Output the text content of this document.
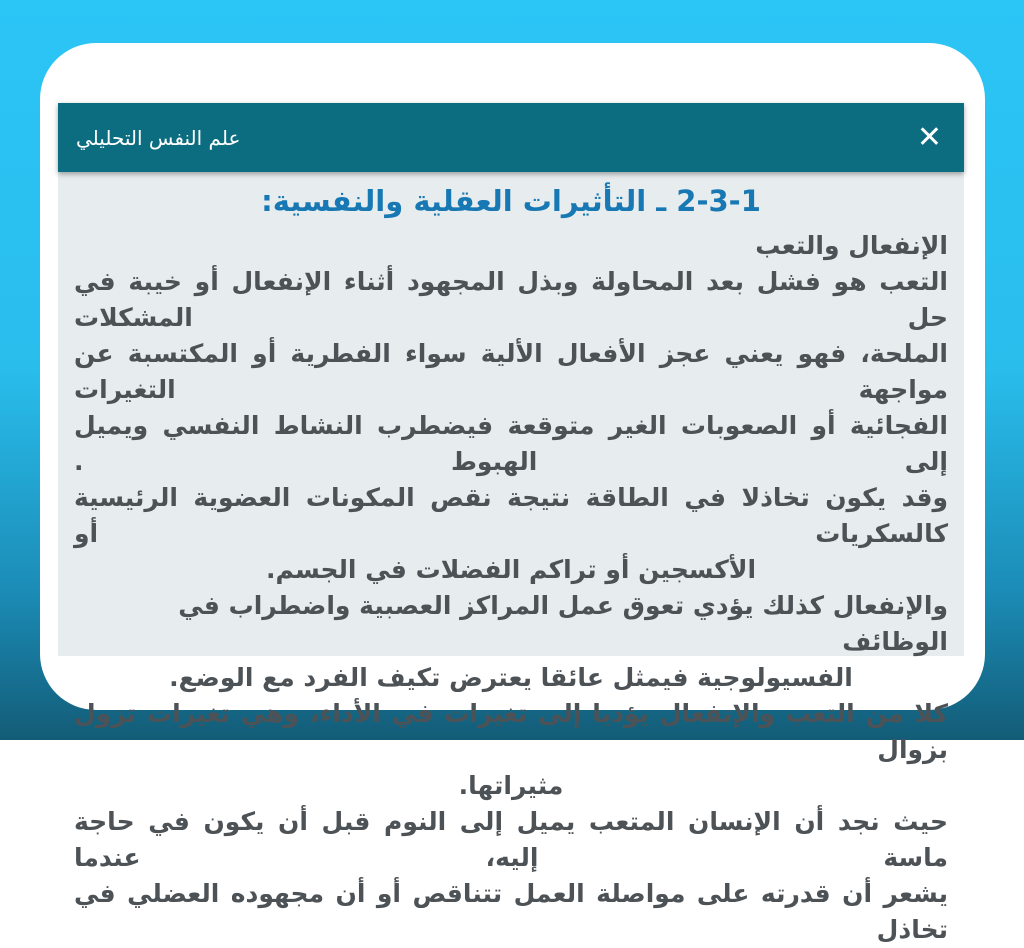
علم النفس التحليلي	✕
2-3-1 ـ التأثيرات العقلية والنفسية:
الإنفعال والتعب
التعب هو فشل بعد المحاولة وبذل المجهود أثناء الإنفعال أو خيبة في حل المشكلات
الملحة، فهو يعني عجز الأفعال الألية سواء الفطرية أو المكتسبة عن مواجهة التغيرات
الفجائية أو الصعوبات الغير متوقعة فيضطرب النشاط النفسي ويميل إلى الهبوط .
وقد يكون تخاذلا في الطاقة نتيجة نقص المكونات العضوية الرئيسية كالسكريات أو
الأكسجين أو تراكم الفضلات في الجسم.
والإنفعال كذلك يؤدي تعوق عمل المراكز العصبية واضطراب في الوظائف
الفسيولوجية فيمثل عائقا يعترض تكيف الفرد مع الوضع.
كلا من التعب والإنفعال يؤديا إلى تغيرات في الأداء، وهي تغيرات تزول بزوال
مثيراتها.
حيث نجد أن الإنسان المتعب يميل إلى النوم قبل أن يكون في حاجة ماسة إليه، عندما
يشعر أن قدرته على مواصلة العمل تتناقص أو أن مجهوده العضلي في تخاذل
